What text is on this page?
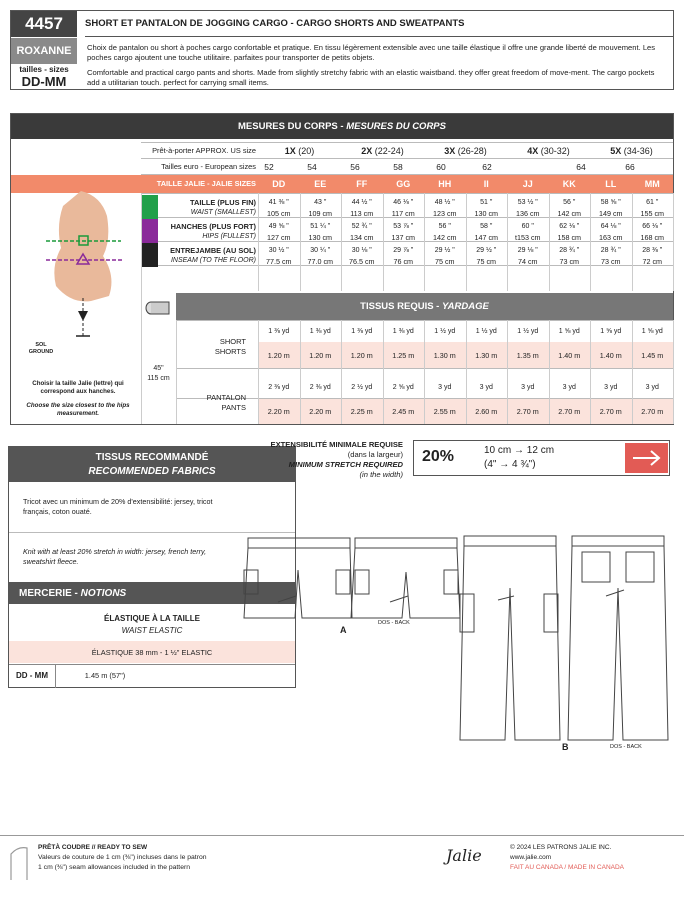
4457
ROXANNE
tailles - sizes
DD-MM
SHORT ET PANTALON DE JOGGING CARGO - CARGO SHORTS AND SWEATPANTS
Choix de pantalon ou short à poches cargo confortable et pratique. En tissu légèrement extensible avec une taille élastique il offre une grande liberté de mouvement. Les poches cargo ajoutent une touche utilitaire. parfaites pour transporter de petits objets.
Comfortable and practical cargo pants and shorts. Made from slightly stretchy fabric with an elastic waistband. they offer great freedom of move-ment. The cargo pockets add a utilitarian touch. perfect for carrying small items.
MESURES DU CORPS - MESURES DU CORPS
Prêt-à-porter APPROX. US size
Tailles euro - European sizes
TAILLE JALIE - JALIE SIZES
TISSUS REQUIS - YARDAGE
SOL
GROUND
Choisir la taille Jalie (lettre) qui correspond aux hanches.
Choose the size closest to the hips measurement.
45"
115 cm
1X (20)	2X (22-24)	3X (26-28)	4X (30-32)	5X (34-36)
52	54	56	58	60	62	64	66
DD	EE	FF	GG	HH	II	JJ	KK	LL	MM
TAILLE (PLUS FIN)
WAIST (SMALLEST)
41 ⅜ "	43 "	44 ½ "	46 ⅛ "	48 ½ "	51 "	53 ½ "	56 "	58 ⅝ "	61 "
105 cm	109 cm	113 cm	117 cm	123 cm	130 cm	136 cm	142 cm	149 cm	155 cm
HANCHES (PLUS FORT)
HIPS (FULLEST)
49 ⅝ "	51 ¼ "	52 ¾ "	53 ⅞ "	56 "	58 "	60 "	62 ⅛ "	64 ⅛ "	66 ⅛ "
127 cm	130 cm	134 cm	137 cm	142 cm	147 cm	t153 cm	158 cm	163 cm	168 cm
ENTREJAMBE (AU SOL)
INSEAM (TO THE FLOOR)
30 ½ "	30 ¼ "	30 ⅛ "	29 ⅞ "	29 ½ "	29 ½ "	29 ⅛ "	28 ¾ "	28 ¾ "	28 ⅜ "
77.5 cm	77.0 cm	76.5 cm	76 cm	75 cm	75 cm	74 cm	73 cm	73 cm	72 cm
SHORT
SHORTS
1 ⅜ yd	1 ⅜ yd	1 ⅜ yd	1 ⅜ yd	1 ½ yd	1 ½ yd	1 ½ yd	1 ⅝ yd	1 ⅝ yd	1 ⅝ yd
1.20 m	1.20 m	1.20 m	1.25 m	1.30 m	1.30 m	1.35 m	1.40 m	1.40 m	1.45 m
PANTALON
PANTS
2 ⅜ yd	2 ⅜ yd	2 ½ yd	2 ⅝ yd	3 yd	3 yd	3 yd	3 yd	3 yd	3 yd
2.20 m	2.20 m	2.25 m	2.45 m	2.55 m	2.60 m	2.70 m	2.70 m	2.70 m	2.70 m
TISSUS RECOMMANDÉ
RECOMMENDED FABRICS
Tricot avec un minimum de 20% d'extensibilité: jersey, tricot français, coton ouaté.
Knit with at least 20% stretch in width: jersey, french terry, sweatshirt fleece.
MERCERIE - NOTIONS
ÉLASTIQUE À LA TAILLE
WAIST ELASTIC
ÉLASTIQUE 38 mm - 1 ½" ELASTIC
DD - MM	1.45 m (57")
EXTENSIBILITÉ MINIMALE REQUISE
(dans la largeur)
MINIMUM STRETCH REQUIRED
(in the width)
20%	10 cm → 12 cm
(4" → 4 ¾")
A
DOS - BACK
B	DOS - BACK
PRÊTÀ COUDRE // READY TO SEW
Valeurs de couture de 1 cm (⅜") incluses dans le patron
1 cm (⅜") seam allowances included in the pattern
Jalie	© 2024 LES PATRONS JALIE INC.
www.jalie.com
FAIT AU CANADA / MADE IN CANADA
